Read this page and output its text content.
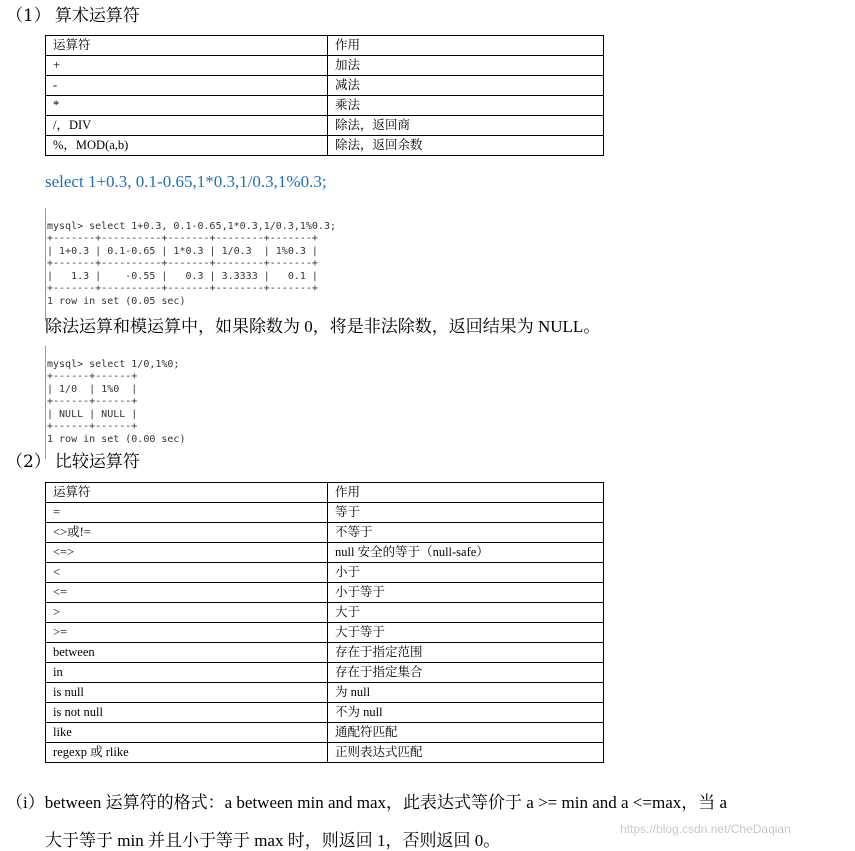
（1） 算术运算符
运算符	作用
+	加法
-	减法
*	乘法
/，DIV	除法，返回商
%，MOD(a,b)	除法，返回余数
select 1+0.3, 0.1-0.65,1*0.3,1/0.3,1%0.3;

mysql> select 1+0.3, 0.1-0.65,1*0.3,1/0.3,1%0.3;
+-------+----------+-------+--------+-------+
| 1+0.3 | 0.1-0.65 | 1*0.3 | 1/0.3  | 1%0.3 |
+-------+----------+-------+--------+-------+
|   1.3 |    -0.55 |   0.3 | 3.3333 |   0.1 |
+-------+----------+-------+--------+-------+
1 row in set (0.05 sec)

除法运算和模运算中，如果除数为 0，将是非法除数，返回结果为 NULL。

mysql> select 1/0,1%0;
+------+------+
| 1/0  | 1%0  |
+------+------+
| NULL | NULL |
+------+------+
1 row in set (0.00 sec)

（2） 比较运算符
运算符	作用
=	等于
<>或!=	不等于
<=>	null 安全的等于（null-safe）
<	小于
<=	小于等于
>	大于
>=	大于等于
between	存在于指定范围
in	存在于指定集合
is null	为 null
is not null	不为 null
like	通配符匹配
regexp 或 rlike	正则表达式匹配
（i）between 运算符的格式：a between min and max，此表达式等价于 a >= min and a <=max，当 a
大于等于 min 并且小于等于 max 时，则返回 1，否则返回 0。
https://blog.csdn.net/CheDaqian
